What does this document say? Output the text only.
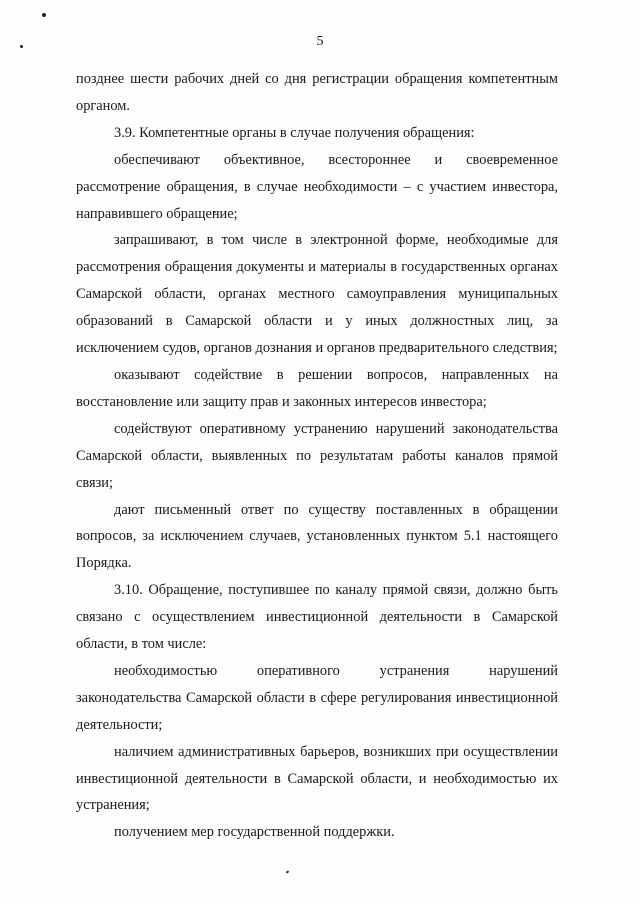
5

позднее шести рабочих дней со дня регистрации обращения компетентным органом.

3.9. Компетентные органы в случае получения обращения:

обеспечивают объективное, всестороннее и своевременное рассмотрение обращения, в случае необходимости – с участием инвестора, направившего обращение;

запрашивают, в том числе в электронной форме, необходимые для рассмотрения обращения документы и материалы в государственных органах Самарской области, органах местного самоуправления муниципальных образований в Самарской области и у иных должностных лиц, за исключением судов, органов дознания и органов предварительного следствия;

оказывают содействие в решении вопросов, направленных на восстановление или защиту прав и законных интересов инвестора;

содействуют оперативному устранению нарушений законодательства Самарской области, выявленных по результатам работы каналов прямой связи;

дают письменный ответ по существу поставленных в обращении вопросов, за исключением случаев, установленных пунктом 5.1 настоящего Порядка.

3.10. Обращение, поступившее по каналу прямой связи, должно быть связано с осуществлением инвестиционной деятельности в Самарской области, в том числе:

необходимостью оперативного устранения нарушений законодательства Самарской области в сфере регулирования инвестиционной деятельности;

наличием административных барьеров, возникших при осуществлении инвестиционной деятельности в Самарской области, и необходимостью их устранения;

получением мер государственной поддержки.
